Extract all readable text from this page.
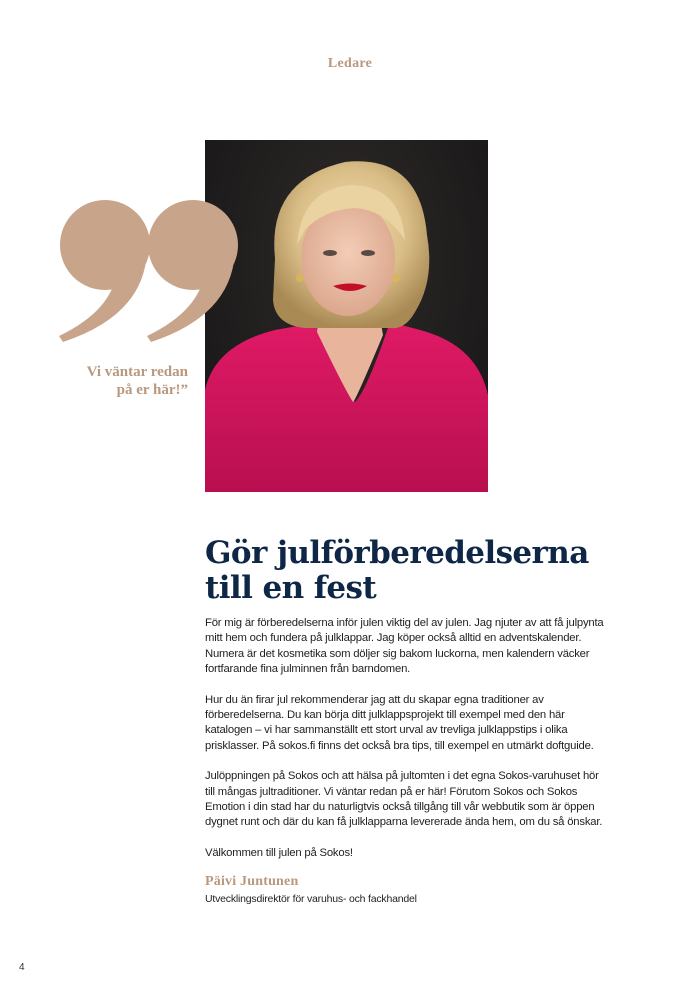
Ledare
Vi väntar redan
på er här!”
Gör julförberedelserna
till en fest

För mig är förberedelserna inför julen viktig del av julen. Jag njuter av att få julpynta mitt hem och fundera på julklappar. Jag köper också alltid en adventskalender. Numera är det kosmetika som döljer sig bakom luckorna, men kalendern väcker fortfarande fina julminnen från barndomen.

Hur du än firar jul rekommenderar jag att du skapar egna traditioner av förberedelserna. Du kan börja ditt julklappsprojekt till exempel med den här katalogen – vi har sammanställt ett stort urval av trevliga julklappstips i olika prisklasser. På sokos.fi finns det också bra tips, till exempel en utmärkt doftguide.

Julöppningen på Sokos och att hälsa på jultomten i det egna Sokos-varuhuset hör till mångas jultraditioner. Vi väntar redan på er här! Förutom Sokos och Sokos Emotion i din stad har du naturligtvis också tillgång till vår webbutik som är öppen dygnet runt och där du kan få julklapparna levererade ända hem, om du så önskar.

Välkommen till julen på Sokos!

Päivi Juntunen
Utvecklingsdirektör för varuhus- och fackhandel
4
